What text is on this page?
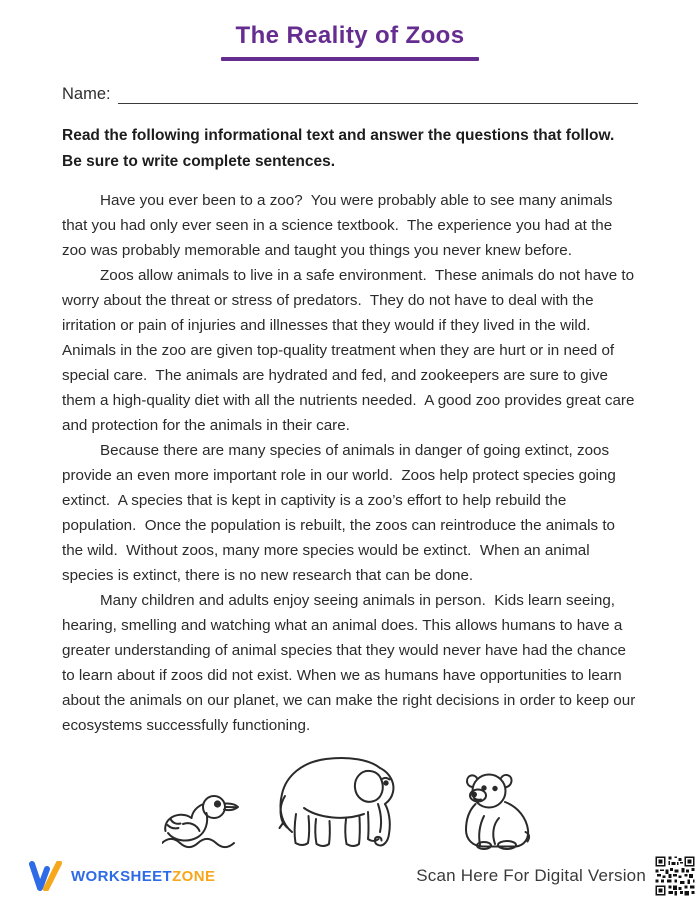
The Reality of Zoos
Name:
Read the following informational text and answer the questions that follow.  Be sure to write complete sentences.

Have you ever been to a zoo?  You were probably able to see many animals that you had only ever seen in a science textbook.  The experience you had at the zoo was probably memorable and taught you things you never knew before.

Zoos allow animals to live in a safe environment.  These animals do not have to worry about the threat or stress of predators.  They do not have to deal with the irritation or pain of injuries and illnesses that they would if they lived in the wild.  Animals in the zoo are given top-quality treatment when they are hurt or in need of special care.  The animals are hydrated and fed, and zookeepers are sure to give them a high-quality diet with all the nutrients needed.  A good zoo provides great care and protection for the animals in their care.

Because there are many species of animals in danger of going extinct, zoos provide an even more important role in our world.  Zoos help protect species going extinct.  A species that is kept in captivity is a zoo’s effort to help rebuild the population.  Once the population is rebuilt, the zoos can reintroduce the animals to the wild.  Without zoos, many more species would be extinct.  When an animal species is extinct, there is no new research that can be done.

Many children and adults enjoy seeing animals in person.  Kids learn seeing, hearing, smelling and watching what an animal does. This allows humans to have a greater understanding of animal species that they would never have had the chance to learn about if zoos did not exist. When we as humans have opportunities to learn about the animals on our planet, we can make the right decisions in order to keep our ecosystems successfully functioning.

WORKSHEETZONE	Scan Here For Digital Version
